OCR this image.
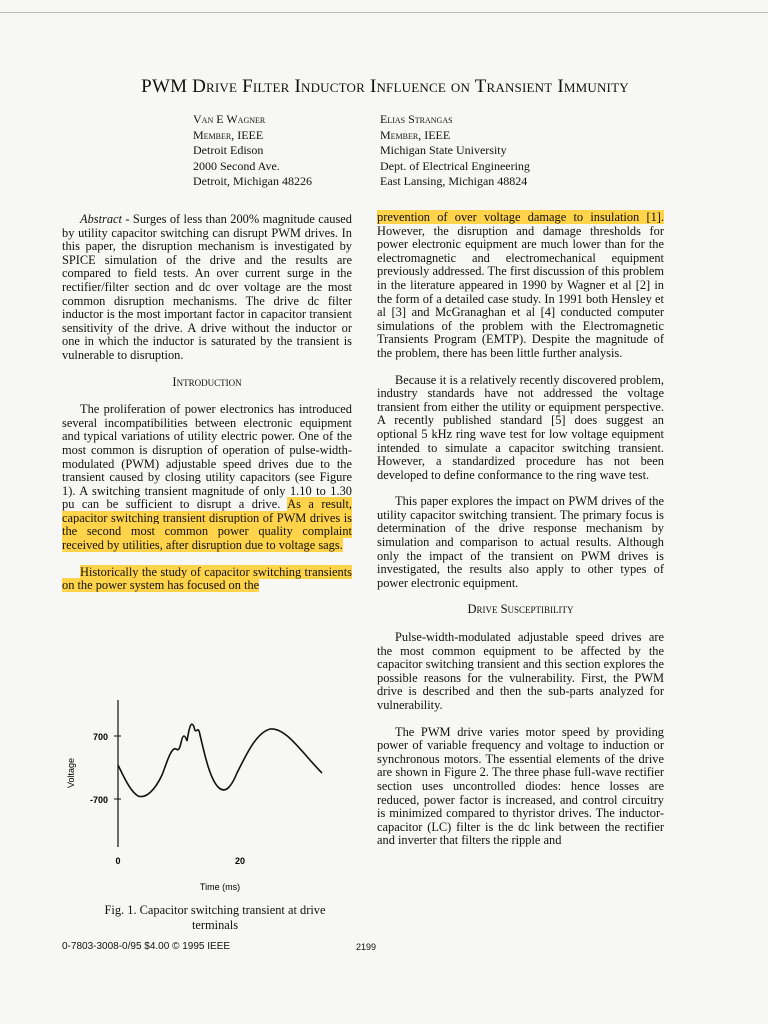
PWM Drive Filter Inductor Influence on Transient Immunity
Van E Wagner
Member, IEEE
Detroit Edison
2000 Second Ave.
Detroit, Michigan 48226
Elias Strangas
Member, IEEE
Michigan State University
Dept. of Electrical Engineering
East Lansing, Michigan 48824

Abstract - Surges of less than 200% magnitude caused by utility capacitor switching can disrupt PWM drives. In this paper, the disruption mechanism is investigated by SPICE simulation of the drive and the results are compared to field tests. An over current surge in the rectifier/filter section and dc over voltage are the most common disruption mechanisms. The drive dc filter inductor is the most important factor in capacitor transient sensitivity of the drive. A drive without the inductor or one in which the inductor is saturated by the transient is vulnerable to disruption.

Introduction

The proliferation of power electronics has introduced several incompatibilities between electronic equipment and typical variations of utility electric power. One of the most common is disruption of operation of pulse-width-modulated (PWM) adjustable speed drives due to the transient caused by closing utility capacitors (see Figure 1). A switching transient magnitude of only 1.10 to 1.30 pu can be sufficient to disrupt a drive. As a result, capacitor switching transient disruption of PWM drives is the second most common power quality complaint received by utilities, after disruption due to voltage sags.

Historically the study of capacitor switching transients on the power system has focused on the

700
-700
Voltage
0	20
Time (ms)
Fig. 1. Capacitor switching transient at drive terminals

prevention of over voltage damage to insulation [1]. However, the disruption and damage thresholds for power electronic equipment are much lower than for the electromagnetic and electromechanical equipment previously addressed. The first discussion of this problem in the literature appeared in 1990 by Wagner et al [2] in the form of a detailed case study. In 1991 both Hensley et al [3] and McGranaghan et al [4] conducted computer simulations of the problem with the Electromagnetic Transients Program (EMTP). Despite the magnitude of the problem, there has been little further analysis.

Because it is a relatively recently discovered problem, industry standards have not addressed the voltage transient from either the utility or equipment perspective. A recently published standard [5] does suggest an optional 5 kHz ring wave test for low voltage equipment intended to simulate a capacitor switching transient. However, a standardized procedure has not been developed to define conformance to the ring wave test.

This paper explores the impact on PWM drives of the utility capacitor switching transient. The primary focus is determination of the drive response mechanism by simulation and comparison to actual results. Although only the impact of the transient on PWM drives is investigated, the results also apply to other types of power electronic equipment.

Drive Susceptibility

Pulse-width-modulated adjustable speed drives are the most common equipment to be affected by the capacitor switching transient and this section explores the possible reasons for the vulnerability. First, the PWM drive is described and then the sub-parts analyzed for vulnerability.

The PWM drive varies motor speed by providing power of variable frequency and voltage to induction or synchronous motors. The essential elements of the drive are shown in Figure 2. The three phase full-wave rectifier section uses uncontrolled diodes: hence losses are reduced, power factor is increased, and control circuitry is minimized compared to thyristor drives. The inductor-capacitor (LC) filter is the dc link between the rectifier and inverter that filters the ripple and

0-7803-3008-0/95 $4.00 © 1995 IEEE	2199
